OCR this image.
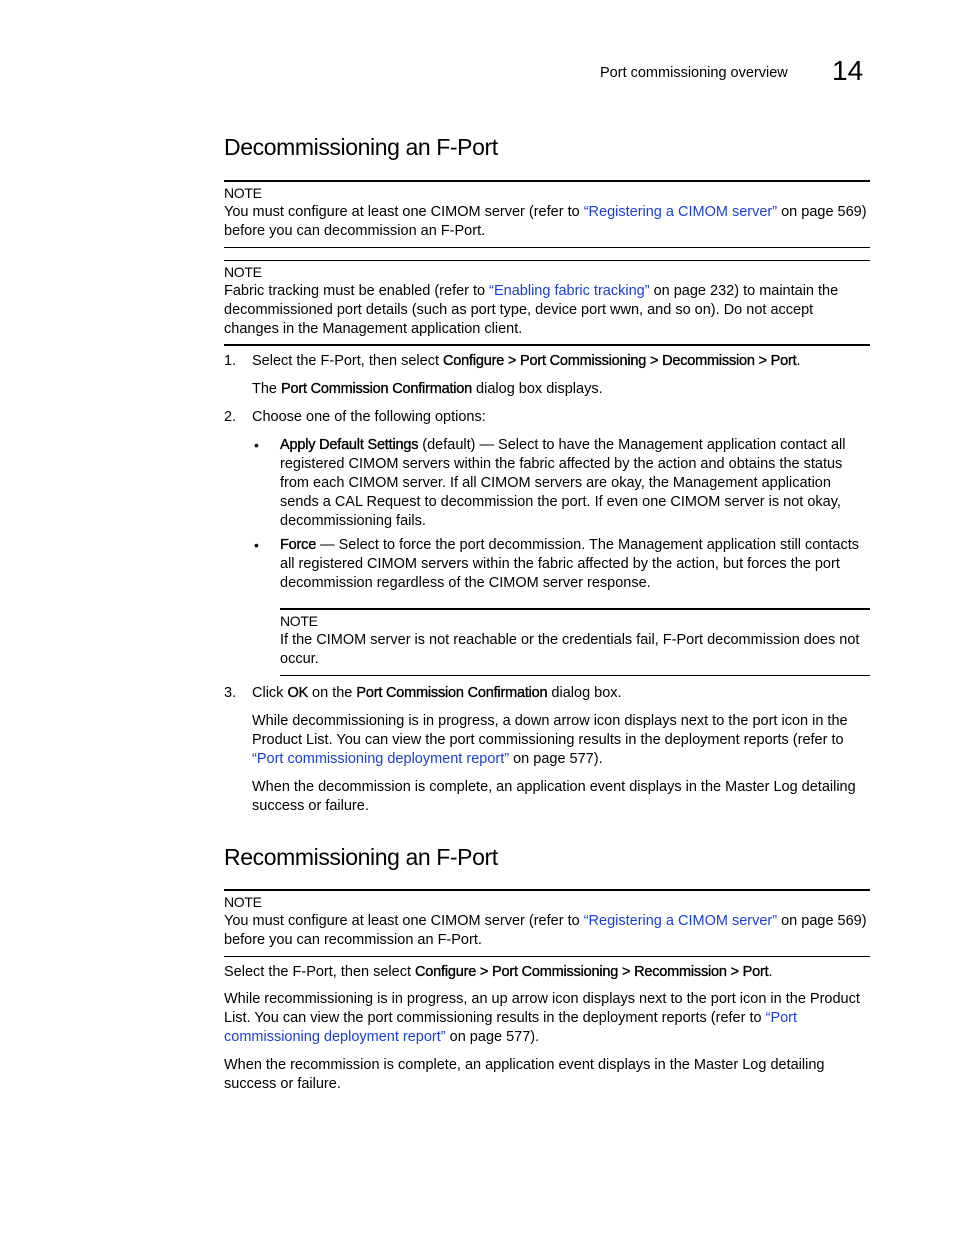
Port commissioning overview 14
Decommissioning an F-Port
NOTE
You must configure at least one CIMOM server (refer to “Registering a CIMOM server” on page 569)
before you can decommission an F-Port.
NOTE
Fabric tracking must be enabled (refer to “Enabling fabric tracking” on page 232) to maintain the
decommissioned port details (such as port type, device port wwn, and so on). Do not accept
changes in the Management application client.
1. Select the F-Port, then select Configure > Port Commissioning > Decommission > Port.
The Port Commission Confirmation dialog box displays.
2. Choose one of the following options:
• Apply Default Settings (default) — Select to have the Management application contact all
registered CIMOM servers within the fabric affected by the action and obtains the status
from each CIMOM server. If all CIMOM servers are okay, the Management application
sends a CAL Request to decommission the port. If even one CIMOM server is not okay,
decommissioning fails.
• Force — Select to force the port decommission. The Management application still contacts
all registered CIMOM servers within the fabric affected by the action, but forces the port
decommission regardless of the CIMOM server response.
NOTE
If the CIMOM server is not reachable or the credentials fail, F-Port decommission does not
occur.
3. Click OK on the Port Commission Confirmation dialog box.
While decommissioning is in progress, a down arrow icon displays next to the port icon in the
Product List. You can view the port commissioning results in the deployment reports (refer to
“Port commissioning deployment report” on page 577).
When the decommission is complete, an application event displays in the Master Log detailing
success or failure.
Recommissioning an F-Port
NOTE
You must configure at least one CIMOM server (refer to “Registering a CIMOM server” on page 569)
before you can recommission an F-Port.
Select the F-Port, then select Configure > Port Commissioning > Recommission > Port.
While recommissioning is in progress, an up arrow icon displays next to the port icon in the Product
List. You can view the port commissioning results in the deployment reports (refer to “Port
commissioning deployment report” on page 577).
When the recommission is complete, an application event displays in the Master Log detailing
success or failure.
